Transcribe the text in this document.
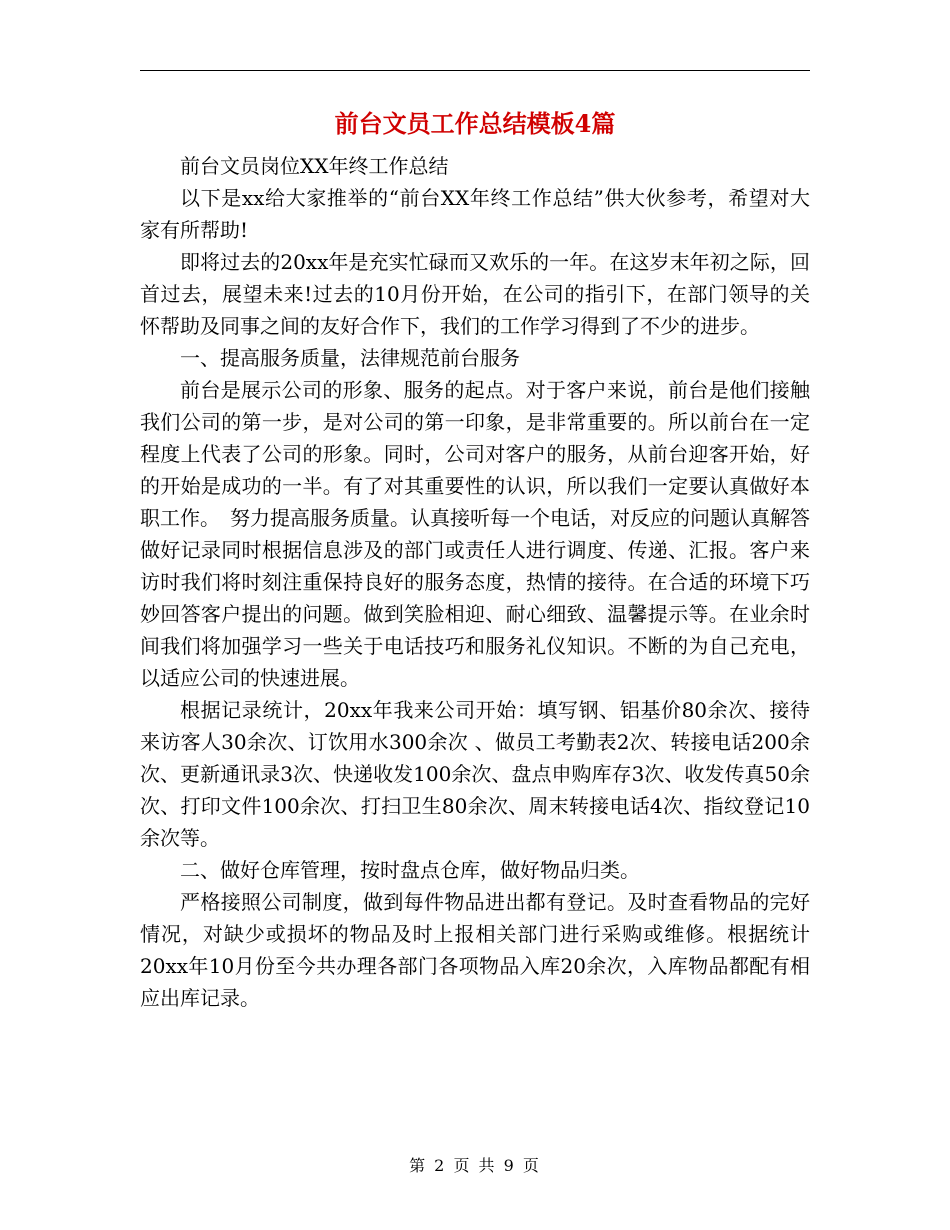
前台文员工作总结模板4篇

前台文员岗位XX年终工作总结

以下是xx给大家推举的“前台XX年终工作总结”供大伙参考，希望对大家有所帮助!

即将过去的20xx年是充实忙碌而又欢乐的一年。在这岁末年初之际，回首过去，展望未来!过去的10月份开始，在公司的指引下，在部门领导的关怀帮助及同事之间的友好合作下，我们的工作学习得到了不少的进步。

一、提高服务质量，法律规范前台服务

前台是展示公司的形象、服务的起点。对于客户来说，前台是他们接触我们公司的第一步，是对公司的第一印象，是非常重要的。所以前台在一定程度上代表了公司的形象。同时，公司对客户的服务，从前台迎客开始，好的开始是成功的一半。有了对其重要性的认识，所以我们一定要认真做好本职工作。　努力提高服务质量。认真接听每一个电话，对反应的问题认真解答做好记录同时根据信息涉及的部门或责任人进行调度、传递、汇报。客户来访时我们将时刻注重保持良好的服务态度，热情的接待。在合适的环境下巧妙回答客户提出的问题。做到笑脸相迎、耐心细致、温馨提示等。在业余时间我们将加强学习一些关于电话技巧和服务礼仪知识。不断的为自己充电，以适应公司的快速进展。

根据记录统计，20xx年我来公司开始：填写钢、铝基价80余次、接待来访客人30余次、订饮用水300余次 、做员工考勤表2次、转接电话200余次、更新通讯录3次、快递收发100余次、盘点申购库存3次、收发传真50余次、打印文件100余次、打扫卫生80余次、周末转接电话4次、指纹登记10余次等。

二、做好仓库管理，按时盘点仓库，做好物品归类。

严格接照公司制度，做到每件物品进出都有登记。及时查看物品的完好情况，对缺少或损坏的物品及时上报相关部门进行采购或维修。根据统计20xx年10月份至今共办理各部门各项物品入库20余次，入库物品都配有相应出库记录。

第 2 页 共 9 页
